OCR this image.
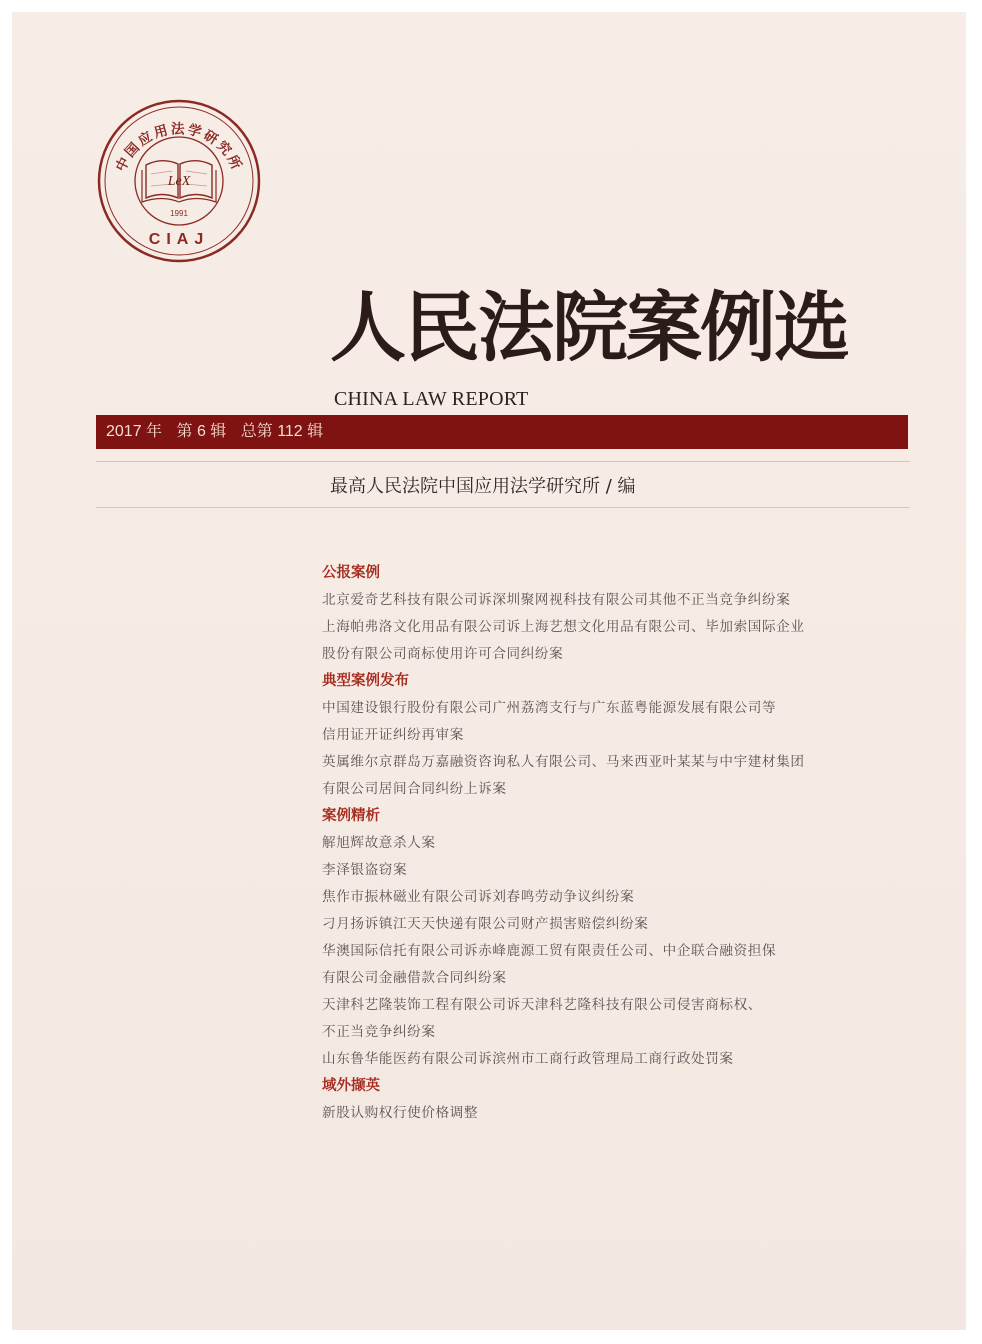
中国应用法学研究所
LeX
1991
CIAJ
人民法院案例选
CHINA LAW REPORT
2017 年 第 6 辑 总第 112 辑
最高人民法院中国应用法学研究所 / 编
公报案例
北京爱奇艺科技有限公司诉深圳聚网视科技有限公司其他不正当竞争纠纷案
上海帕弗洛文化用品有限公司诉上海艺想文化用品有限公司、毕加索国际企业
股份有限公司商标使用许可合同纠纷案
典型案例发布
中国建设银行股份有限公司广州荔湾支行与广东蓝粤能源发展有限公司等
信用证开证纠纷再审案
英属维尔京群岛万嘉融资咨询私人有限公司、马来西亚叶某某与中宇建材集团
有限公司居间合同纠纷上诉案
案例精析
解旭辉故意杀人案
李泽银盗窃案
焦作市振林磁业有限公司诉刘春鸣劳动争议纠纷案
刁月扬诉镇江天天快递有限公司财产损害赔偿纠纷案
华澳国际信托有限公司诉赤峰鹿源工贸有限责任公司、中企联合融资担保
有限公司金融借款合同纠纷案
天津科艺隆装饰工程有限公司诉天津科艺隆科技有限公司侵害商标权、
不正当竞争纠纷案
山东鲁华能医药有限公司诉滨州市工商行政管理局工商行政处罚案
域外撷英
新股认购权行使价格调整
